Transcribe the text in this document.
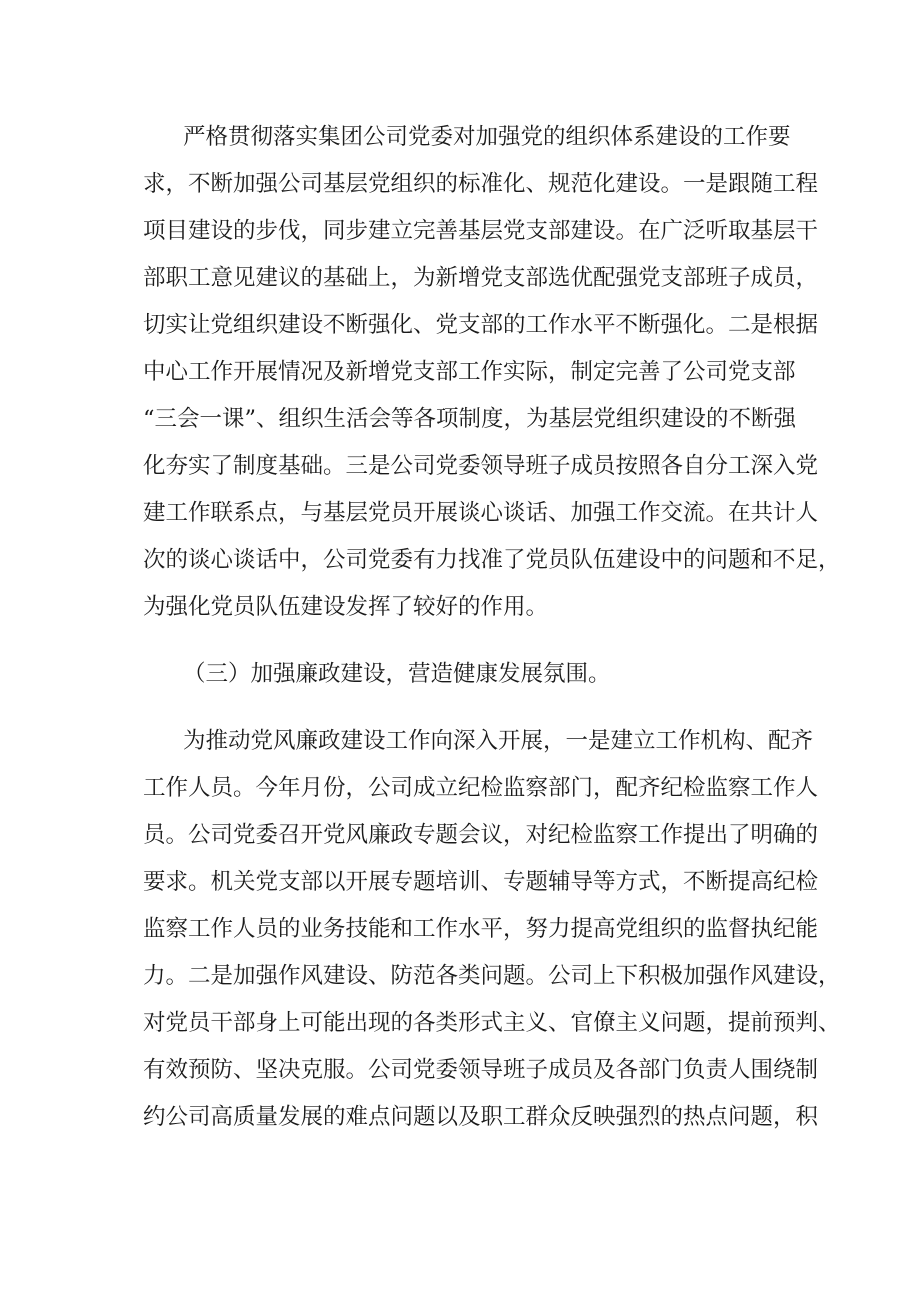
严格贯彻落实集团公司党委对加强党的组织体系建设的工作要
求，不断加强公司基层党组织的标准化、规范化建设。一是跟随工程
项目建设的步伐，同步建立完善基层党支部建设。在广泛听取基层干
部职工意见建议的基础上，为新增党支部选优配强党支部班子成员，
切实让党组织建设不断强化、党支部的工作水平不断强化。二是根据
中心工作开展情况及新增党支部工作实际，制定完善了公司党支部
“三会一课”、组织生活会等各项制度，为基层党组织建设的不断强
化夯实了制度基础。三是公司党委领导班子成员按照各自分工深入党
建工作联系点，与基层党员开展谈心谈话、加强工作交流。在共计人
次的谈心谈话中，公司党委有力找准了党员队伍建设中的问题和不足，
为强化党员队伍建设发挥了较好的作用。
（三）加强廉政建设，营造健康发展氛围。
为推动党风廉政建设工作向深入开展，一是建立工作机构、配齐
工作人员。今年月份，公司成立纪检监察部门，配齐纪检监察工作人
员。公司党委召开党风廉政专题会议，对纪检监察工作提出了明确的
要求。机关党支部以开展专题培训、专题辅导等方式，不断提高纪检
监察工作人员的业务技能和工作水平，努力提高党组织的监督执纪能
力。二是加强作风建设、防范各类问题。公司上下积极加强作风建设，
对党员干部身上可能出现的各类形式主义、官僚主义问题，提前预判、
有效预防、坚决克服。公司党委领导班子成员及各部门负责人围绕制
约公司高质量发展的难点问题以及职工群众反映强烈的热点问题，积
